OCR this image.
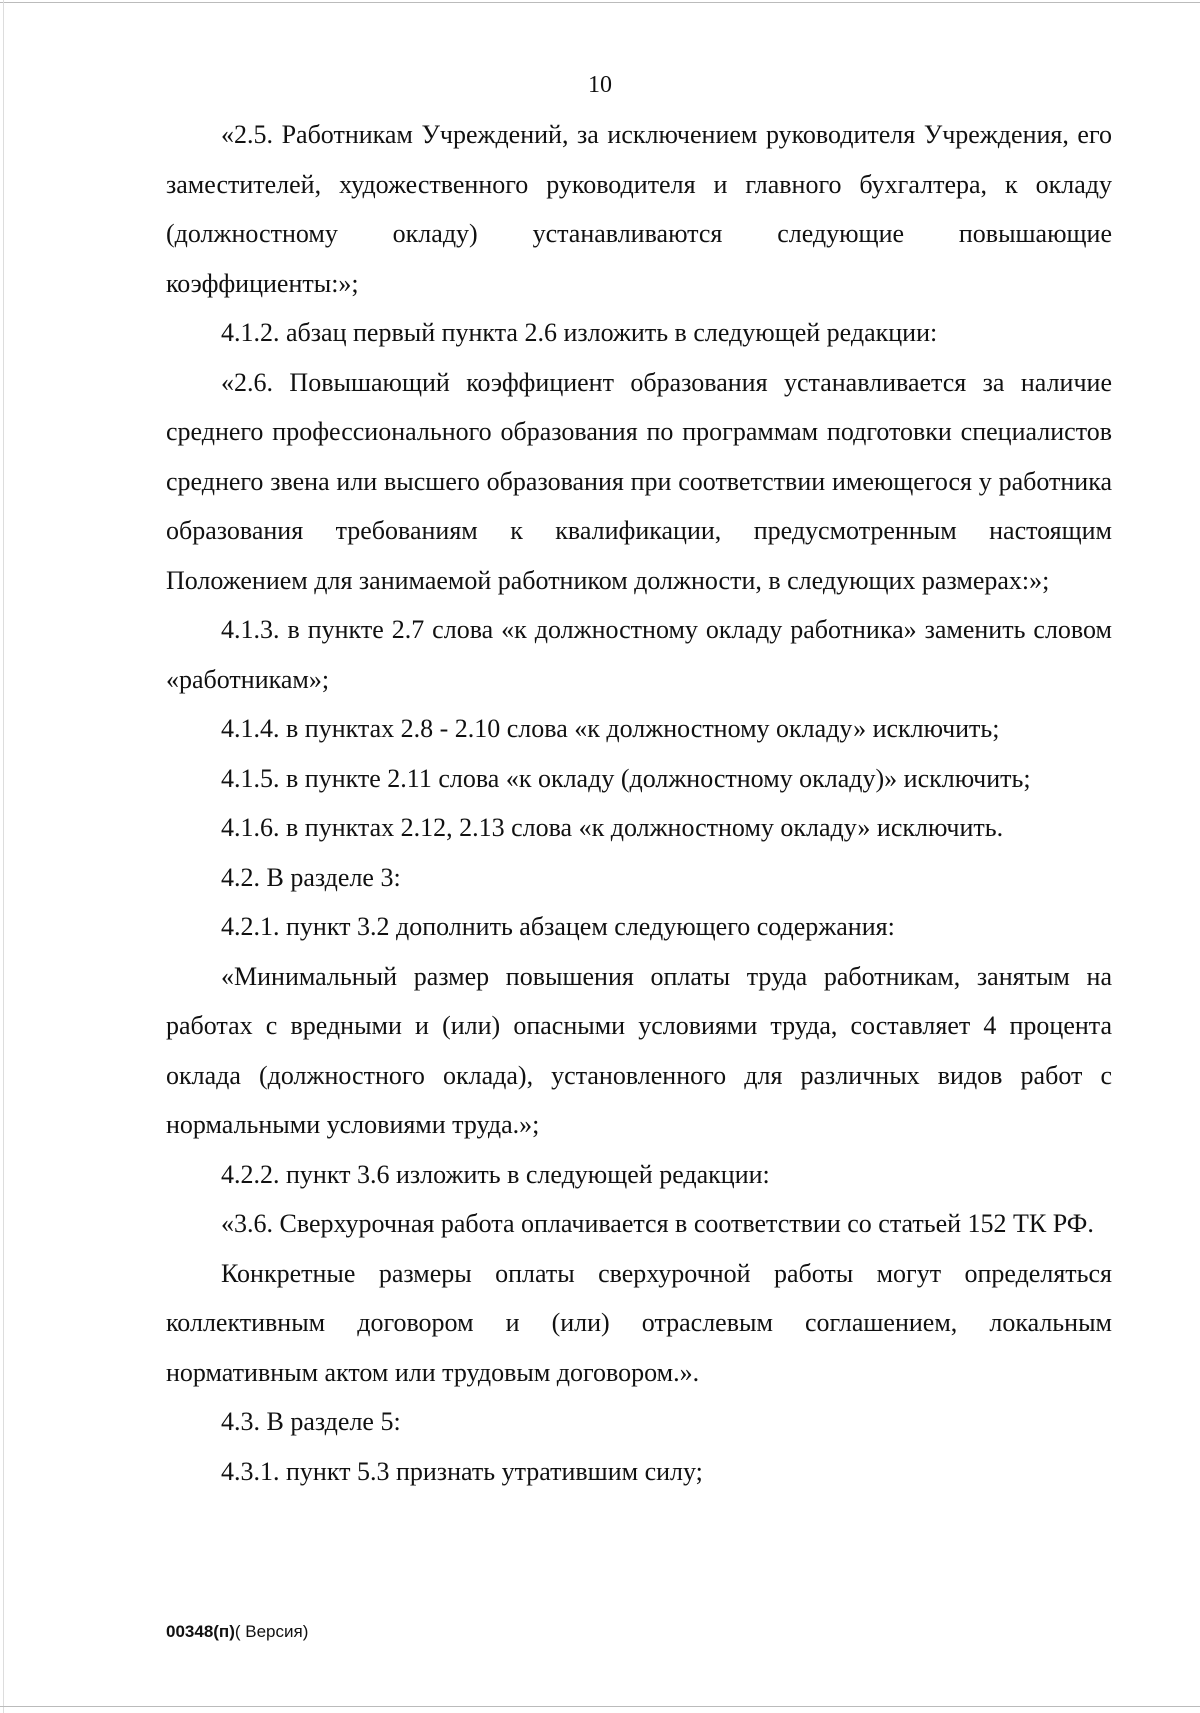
10

«2.5. Работникам Учреждений, за исключением руководителя Учреждения, его заместителей, художественного руководителя и главного бухгалтера, к окладу (должностному окладу) устанавливаются следующие повышающие коэффициенты:»;

4.1.2. абзац первый пункта 2.6 изложить в следующей редакции:

«2.6. Повышающий коэффициент образования устанавливается за наличие среднего профессионального образования по программам подготовки специалистов среднего звена или высшего образования при соответствии имеющегося у работника образования требованиям к квалификации, предусмотренным настоящим Положением для занимаемой работником должности, в следующих размерах:»;

4.1.3. в пункте 2.7 слова «к должностному окладу работника» заменить словом «работникам»;

4.1.4. в пунктах 2.8 - 2.10 слова «к должностному окладу» исключить;

4.1.5. в пункте 2.11 слова «к окладу (должностному окладу)» исключить;

4.1.6. в пунктах 2.12, 2.13 слова «к должностному окладу» исключить.

4.2. В разделе 3:

4.2.1. пункт 3.2 дополнить абзацем следующего содержания:

«Минимальный размер повышения оплаты труда работникам, занятым на работах с вредными и (или) опасными условиями труда, составляет 4 процента оклада (должностного оклада), установленного для различных видов работ с нормальными условиями труда.»;

4.2.2. пункт 3.6 изложить в следующей редакции:

«3.6. Сверхурочная работа оплачивается в соответствии со статьей 152 ТК РФ.

Конкретные размеры оплаты сверхурочной работы могут определяться коллективным договором и (или) отраслевым соглашением, локальным нормативным актом или трудовым договором.».

4.3. В разделе 5:

4.3.1. пункт 5.3 признать утратившим силу;

00348(п)( Версия)
